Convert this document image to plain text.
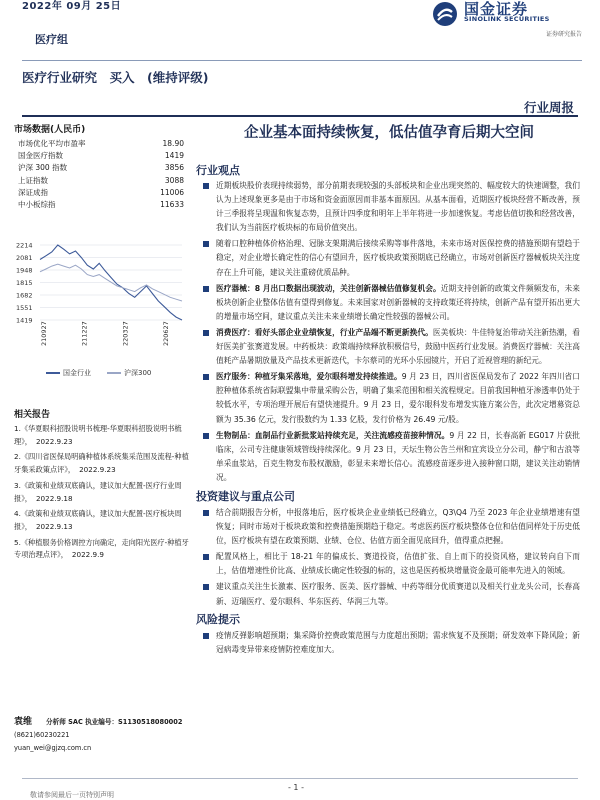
2022年 09月 25日	国金证券
SINOLINK SECURITIES
证券研究报告
医疗组
医疗行业研究　买入　(维持评级)
行业周报
市场数据(人民币)
市场优化平均市盈率	18.90
国金医疗指数	1419
沪深 300 指数	3856
上证指数	3088
深证成指	11006
中小板综指	11633
2214
2081
1948
1815
1682
1551
1419
210927	211227	220327	220627
国金行业	沪深300
相关报告
1.《华夏眼科招股说明书梳理-华夏眼科招股说明书梳理》， 2022.9.23
2.《四川省医保局明确种植体系统集采范围及流程-种植牙集采政策点评》， 2022.9.23
3.《政策和业绩双底确认，建议加大配置-医疗行业周报》， 2022.9.18
4.《政策和业绩双底确认，建议加大配置-医疗板块周报》， 2022.9.13
5.《种植服务价格调控方向确定，走向阳光医疗-种植牙专项治理点评》， 2022.9.9
袁维 分析师 SAC 执业编号：S1130518080002
(8621)60230221
yuan_wei@gjzq.com.cn
企业基本面持续恢复，低估值孕育后期大空间
行业观点
近期板块股价表现持续弱势，部分前期表现较强的头部板块和企业出现突然的、幅度较大的快速调整，我们认为上述现象更多是由于市场和资金面原因而非基本面原因。从基本面看，近期医疗板块经营不断改善，预计三季报将呈现温和恢复态势，且预计四季度和明年上半年将进一步加速恢复。考虑估值切换和经营改善，我们认为当前医疗板块标的布局价值突出。
随着口腔种植体价格治理、冠脉支架期满后接续采购等事件落地，未来市场对医保控费的措施预期有望趋于稳定，对企业增长确定性的信心有望回升，医疗板块政策预期底已经确立，市场对创新医疗器械板块关注度存在上升可能，建议关注重磅优质品种。
医疗器械：8 月出口数据出现波动，关注创新器械估值修复机会。近期支持创新的政策文件频频发布，未来板块创新企业整体估值有望得到修复。未来国家对创新器械的支持政策还将持续，创新产品有望开拓出更大的增量市场空间，建议重点关注未来业绩增长确定性较强的器械公司。
消费医疗：看好头部企业业绩恢复，行业产品端不断更新换代。医美板块：牛佳特复治带动关注新热潮，看好医美扩张赛道发展。中药板块：政策端持续释放积极信号，鼓励中医药行业发展。消费医疗器械：关注高值耗产品暑期放量及产品技术更新迭代，卡尔蔡司的光环小乐园镜片，开启了近视管理的新纪元。
医疗服务：种植牙集采落地，爱尔眼科增发持续推进。9 月 23 日，四川省医保局发布了 2022 年四川省口腔种植体系统省际联盟集中带量采购公告，明确了集采范围和相关流程规定。目前我国种植牙渗透率仍处于较低水平，专项治理开展后有望快速提升。9 月 23 日，爱尔眼科发布增发实施方案公告，此次定增募资总额为 35.36 亿元，发行股数约为 1.33 亿股，发行价格为 26.49 元/股。
生物制品：血制品行业新批浆站持续充足，关注流感疫苗接种情况。9 月 22 日，长春高新 EG017 片获批临床，公司专注健康领域管线持续深化。9 月 23 日，天坛生物公告兰州和宜宾设立分公司，静宁和古浪等单采血浆站，百克生物发布股权激励，彰显未来增长信心。流感疫苗逐步进入接种窗口期，建议关注动销情况。
投资建议与重点公司
结合前期报告分析，中报落地后，医疗板块企业业绩低已经确立，Q3\Q4 乃至 2023 年企业业绩增速有望恢复；同时市场对于板块政策和控费措施预期趋于稳定。考虑医药医疗板块整体仓位和估值同样处于历史低位，医疗板块有望在政策预期、业绩、仓位、估值方面全面见底回升，值得重点把握。
配置风格上，相比于 18-21 年的偏成长、赛道投资，估值扩张、自上而下的投资风格，建议转向自下而上，估值增速性价比高、业绩成长确定性较强的标的，这也是医药板块增量资金最可能率先进入的领域。
建议重点关注生长激素、医疗服务、医美、医疗器械、中药等细分优质赛道以及相关行业龙头公司，长春高新、迈瑞医疗、爱尔眼科、华东医药、华润三九等。
风险提示
疫情反弹影响超预期；集采降价控费政策范围与力度超出预期；需求恢复不及预期；研发效率下降风险；新冠病毒变异带来疫情防控难度加大。
- 1 -
敬请参阅最后一页特别声明
